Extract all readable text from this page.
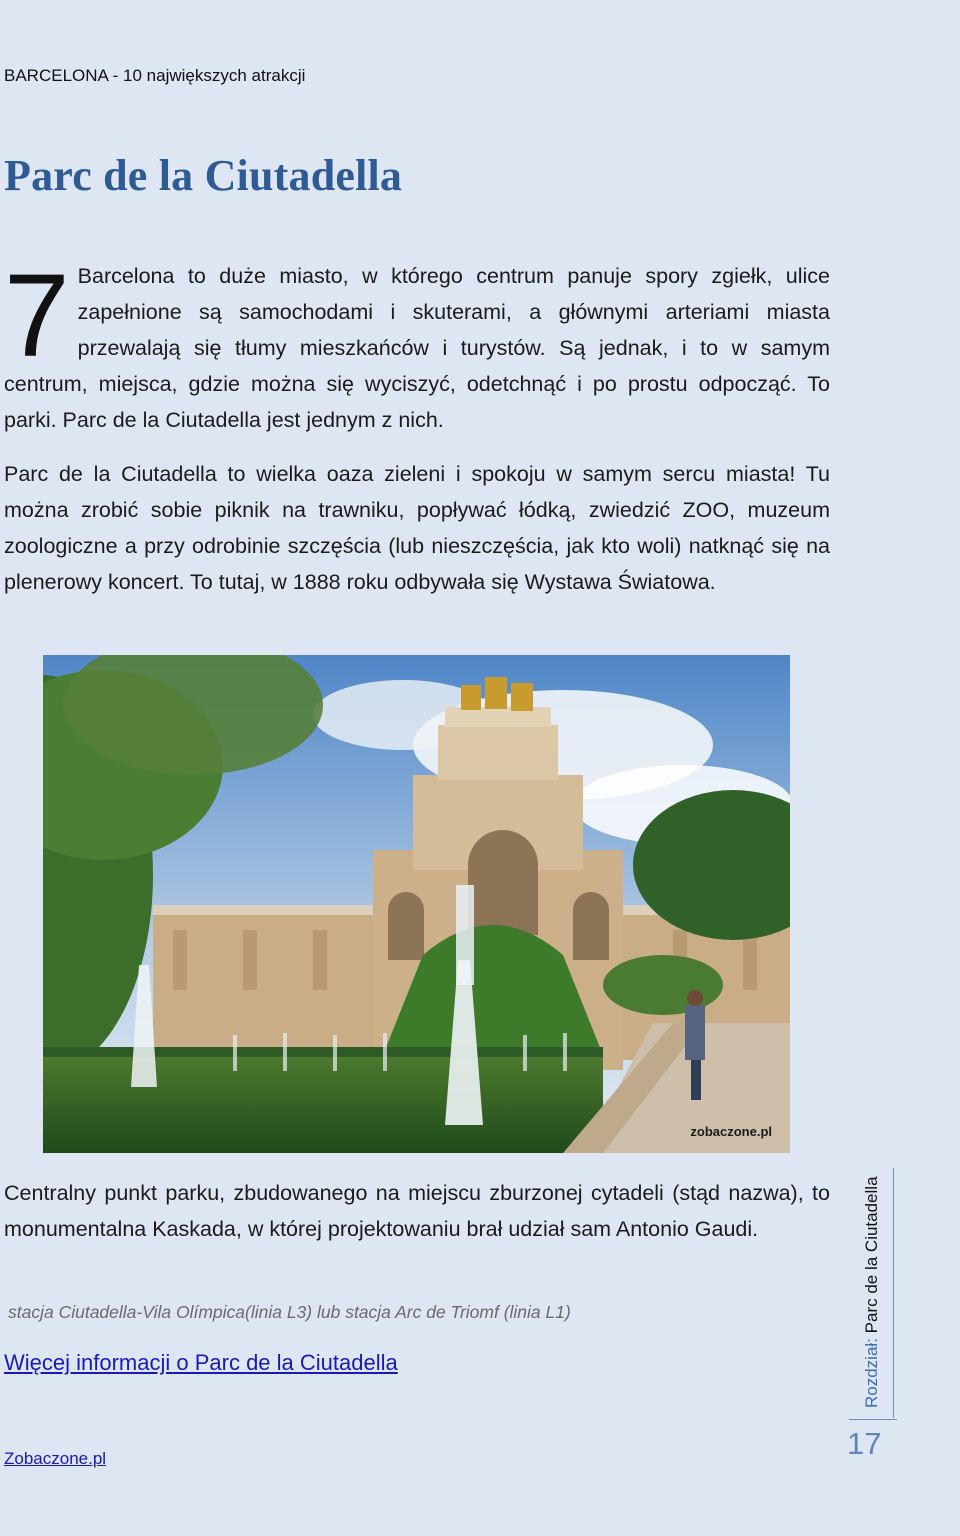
BARCELONA - 10 największych atrakcji
Parc de la Ciutadella
7 Barcelona to duże miasto, w którego centrum panuje spory zgiełk, ulice zapełnione są samochodami i skuterami, a głównymi arteriami miasta przewalają się tłumy mieszkańców i turystów. Są jednak, i to w samym centrum, miejsca, gdzie można się wyciszyć, odetchnąć i po prostu odpocząć. To parki. Parc de la Ciutadella jest jednym z nich.

Parc de la Ciutadella to wielka oaza zieleni i spokoju w samym sercu miasta! Tu można zrobić sobie piknik na trawniku, popływać łódką, zwiedzić ZOO, muzeum zoologiczne a przy odrobinie szczęścia (lub nieszczęścia, jak kto woli) natknąć się na plenerowy koncert. To tutaj, w 1888 roku odbywała się Wystawa Światowa.

zobaczone.pl

Centralny punkt parku, zbudowanego na miejscu zburzonej cytadeli (stąd nazwa), to monumentalna Kaskada, w której projektowaniu brał udział sam Antonio Gaudi.

stacja Ciutadella-Vila Olímpica(linia L3) lub stacja Arc de Triomf (linia L1)
Więcej informacji o Parc de la Ciutadella
Zobaczone.pl
Rozdział: Parc de la Ciutadella
17
